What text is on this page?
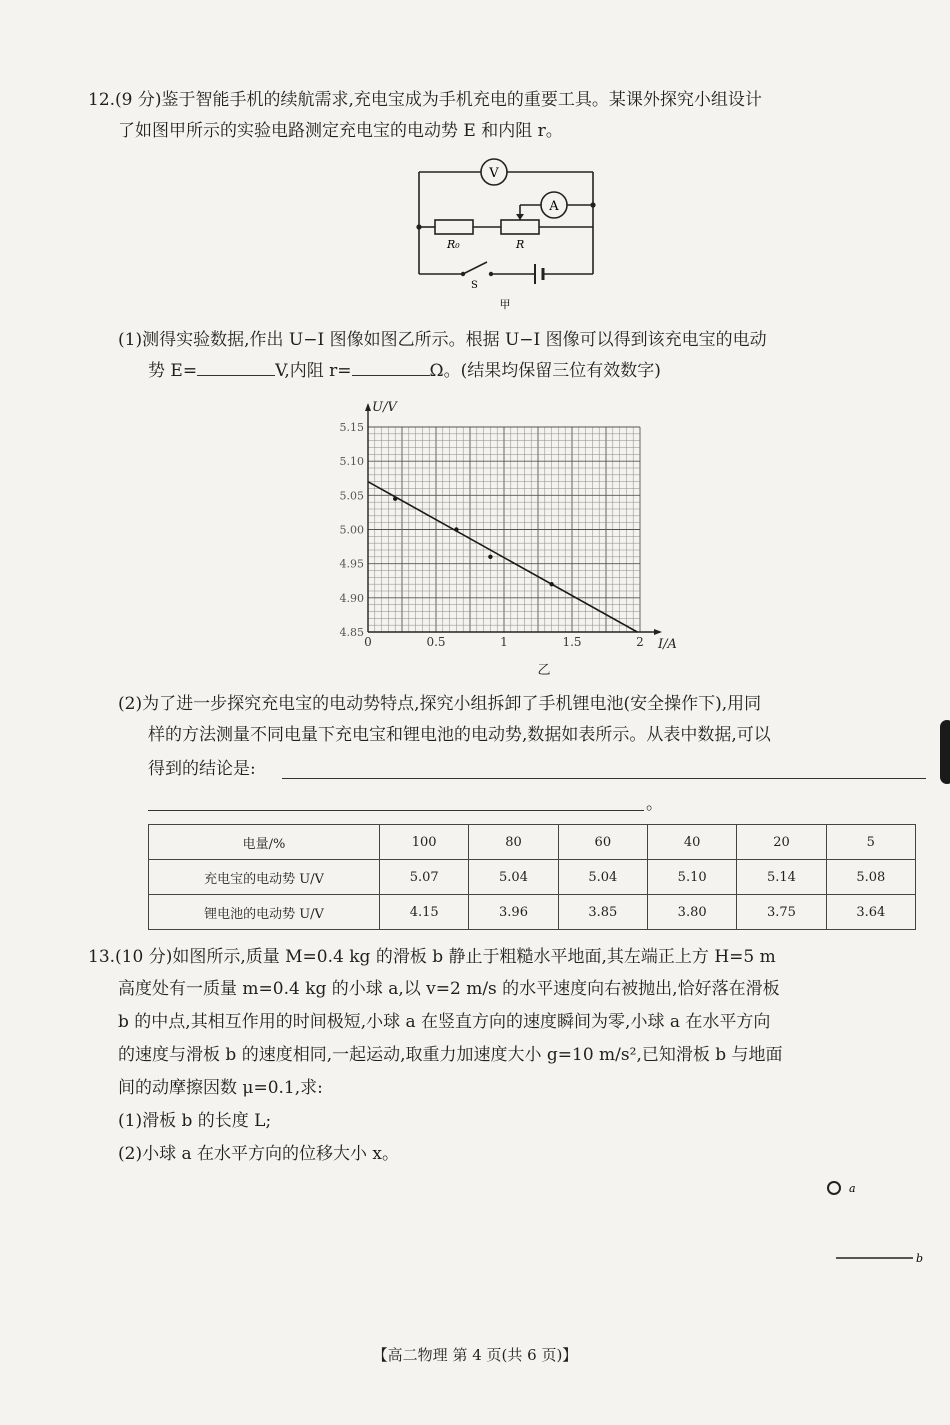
12.(9 分)鉴于智能手机的续航需求,充电宝成为手机充电的重要工具。某课外探究小组设计
了如图甲所示的实验电路测定充电宝的电动势 E 和内阻 r。
V
A
R₀	R
S
甲
(1)测得实验数据,作出 U−I 图像如图乙所示。根据 U−I 图像可以得到该充电宝的电动
势 E=	V,内阻 r=	Ω。(结果均保留三位有效数字)
0	0.5	1	1.5	2
5.15
5.10
5.05
5.00
4.95
4.90
4.85
I/A
U/V
乙
(2)为了进一步探究充电宝的电动势特点,探究小组拆卸了手机锂电池(安全操作下),用同
样的方法测量不同电量下充电宝和锂电池的电动势,数据如表所示。从表中数据,可以
得到的结论是:
。
电量/%	100	80	60	40	20	5
充电宝的电动势 U/V	5.07	5.04	5.04	5.10	5.14	5.08
锂电池的电动势 U/V	4.15	3.96	3.85	3.80	3.75	3.64
13.(10 分)如图所示,质量 M=0.4 kg 的滑板 b 静止于粗糙水平地面,其左端正上方 H=5 m
高度处有一质量 m=0.4 kg 的小球 a,以 v=2 m/s 的水平速度向右被抛出,恰好落在滑板
b 的中点,其相互作用的时间极短,小球 a 在竖直方向的速度瞬间为零,小球 a 在水平方向
的速度与滑板 b 的速度相同,一起运动,取重力加速度大小 g=10 m/s²,已知滑板 b 与地面
间的动摩擦因数 μ=0.1,求:
(1)滑板 b 的长度 L;
(2)小球 a 在水平方向的位移大小 x。
a
b
【高二物理 第 4 页(共 6 页)】
